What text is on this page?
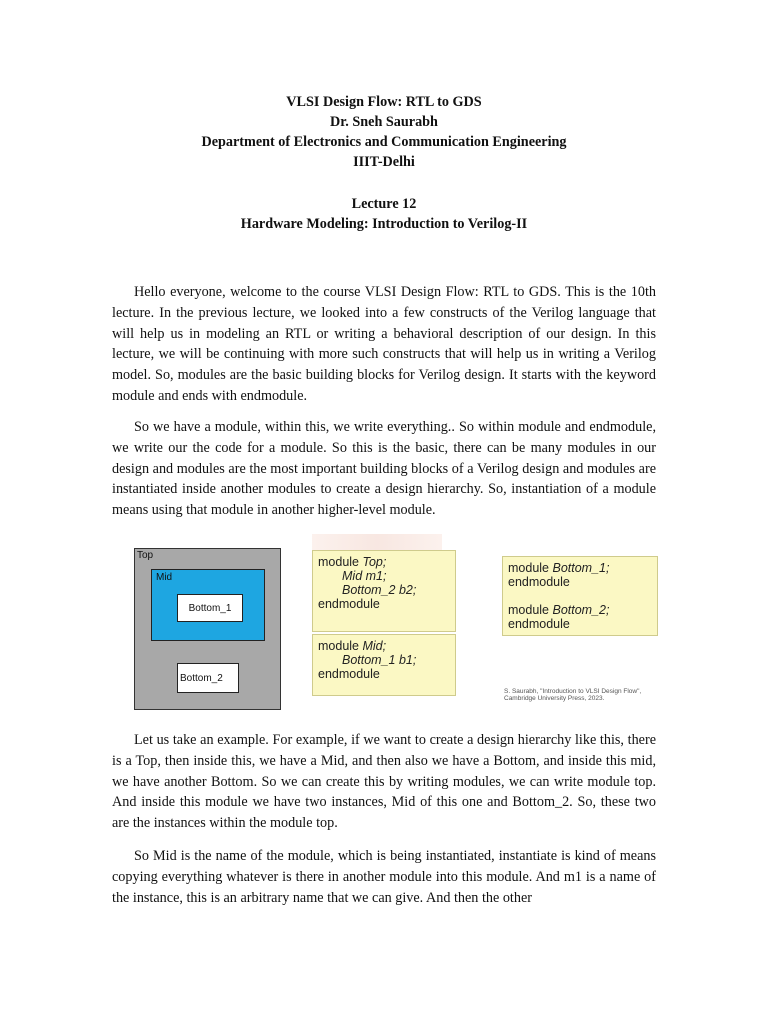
VLSI Design Flow: RTL to GDS
Dr. Sneh Saurabh
Department of Electronics and Communication Engineering
IIIT-Delhi
Lecture 12
Hardware Modeling: Introduction to Verilog-II

Hello everyone, welcome to the course VLSI Design Flow: RTL to GDS. This is the 10th lecture. In the previous lecture, we looked into a few constructs of the Verilog language that will help us in modeling an RTL or writing a behavioral description of our design. In this lecture, we will be continuing with more such constructs that will help us in writing a Verilog model. So, modules are the basic building blocks for Verilog design. It starts with the keyword module and ends with endmodule.

So we have a module, within this, we write everything.. So within module and endmodule, we write our the code for a module. So this is the basic, there can be many modules in our design and modules are the most important building blocks of a Verilog design and modules are instantiated inside another modules to create a design hierarchy. So, instantiation of a module means using that module in another higher-level module.

Top
Mid
Bottom_1
Bottom_2
module Top;
Mid m1;
Bottom_2 b2;
endmodule
module Mid;
Bottom_1 b1;
endmodule
module Bottom_1;
endmodule
module Bottom_2;
endmodule
S. Saurabh, "Introduction to VLSI Design Flow",
Cambridge University Press, 2023.

Let us take an example. For example, if we want to create a design hierarchy like this, there is a Top, then inside this, we have a Mid, and then also we have a Bottom, and inside this mid, we have another Bottom. So we can create this by writing modules, we can write module top. And inside this module we have two instances, Mid of this one and Bottom_2. So, these two are the instances within the module top.

So Mid is the name of the module, which is being instantiated, instantiate is kind of means copying everything whatever is there in another module into this module. And m1 is a name of the instance, this is an arbitrary name that we can give. And then the other
